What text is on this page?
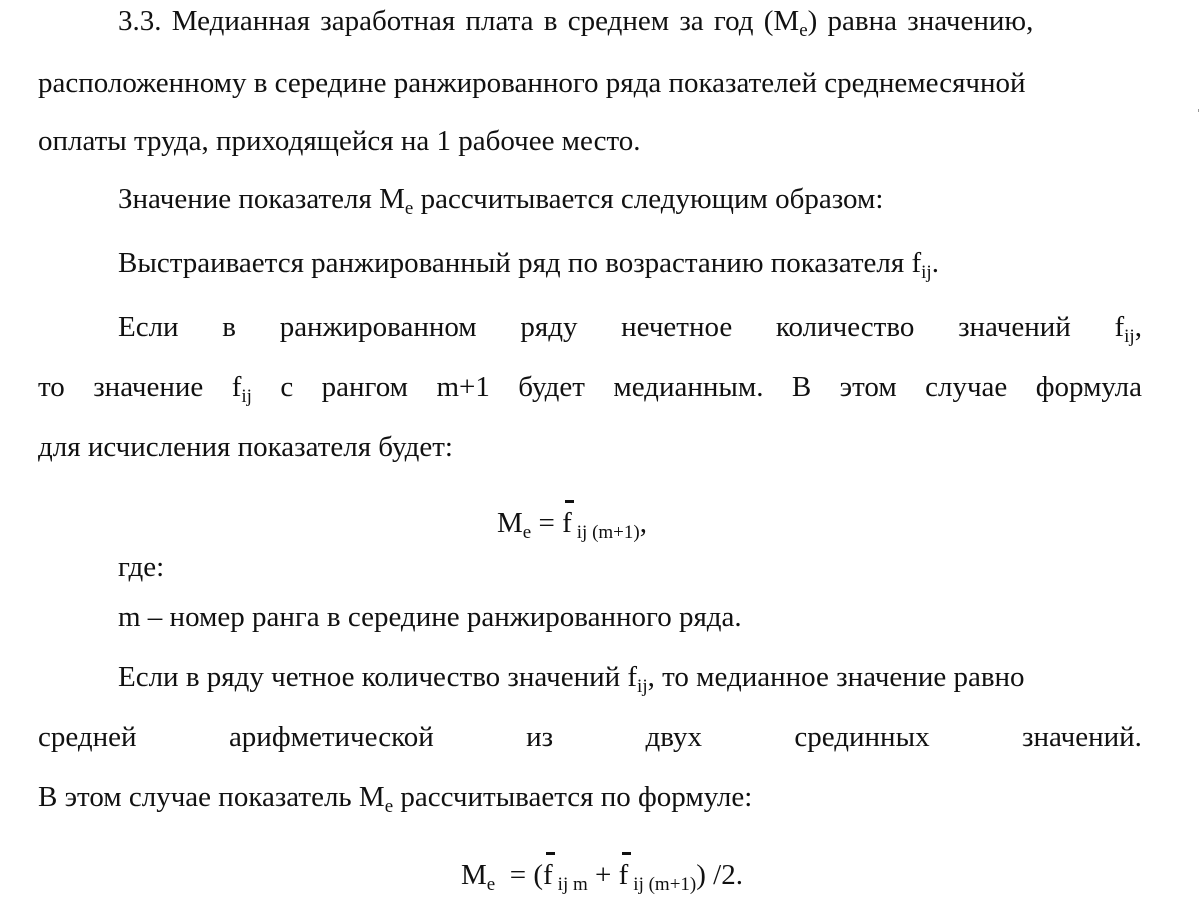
3.3. Медианная заработная плата в среднем за год $(M_e)$ равна значению,
расположенному в середине ранжированного ряда показателей среднемесячной
оплаты труда, приходящейся на 1 рабочее место.
Значение показателя $M_e$ рассчитывается следующим образом:
Выстраивается ранжированный ряд по возрастанию показателя $f_{ij}$.
Если в ранжированном ряду нечетное количество значений $f_{ij}$,
то значение $f_{ij}$ с рангом m+1 будет медианным. В этом случае формула
для исчисления показателя будет:
$M_e = f$ $_{ij (m+1)}$,
где:
m – номер ранга в середине ранжированного ряда.
Если в ряду четное количество значений $f_{ij}$, то медианное значение равно
средней	арифметической	из	двух	срединных	значений.
В этом случае показатель $M_e$ рассчитывается по формуле:
$M_e = (f$ $_{ij m}$ + f $_{ij (m+1)}$) /2.
